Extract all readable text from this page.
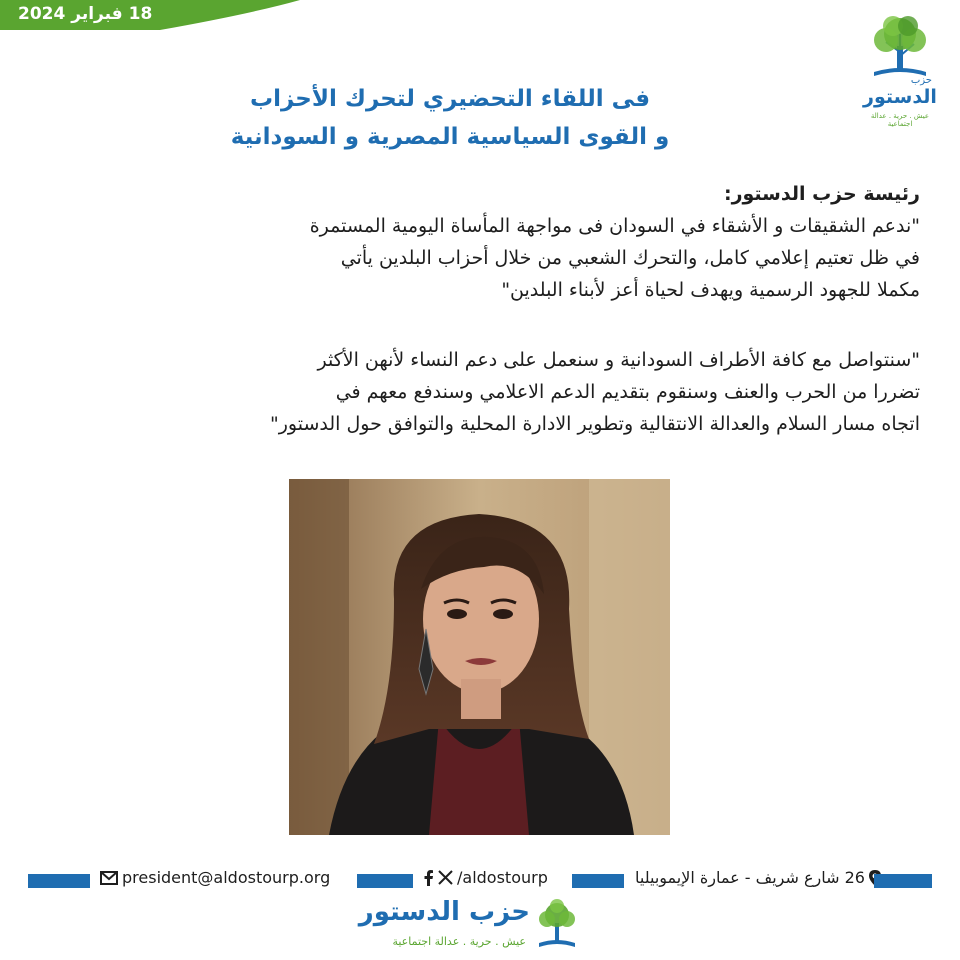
18 فبراير 2024
حزب
الدستور
عيش . حرية . عدالة اجتماعية
فى اللقاء التحضيري لتحرك الأحزاب
و القوى السياسية المصرية و السودانية
رئيسة حزب الدستور:
"ندعم الشقيقات و الأشقاء في السودان فى مواجهة المأساة اليومية المستمرة
في ظل تعتيم إعلامي كامل، والتحرك الشعبي من خلال أحزاب البلدين يأتي
مكملا للجهود الرسمية ويهدف لحياة أعز لأبناء البلدين"
"سنتواصل مع كافة الأطراف السودانية و سنعمل على دعم النساء لأنهن الأكثر
تضررا من الحرب والعنف وسنقوم بتقديم الدعم الاعلامي وسندفع معهم في
اتجاه مسار السلام والعدالة الانتقالية وتطوير الادارة المحلية والتوافق حول الدستور"
president@aldostourp.org	/aldostourp	26 شارع شريف - عمارة الإيموبيليا
حزب الدستور
عيش . حرية . عدالة اجتماعية
